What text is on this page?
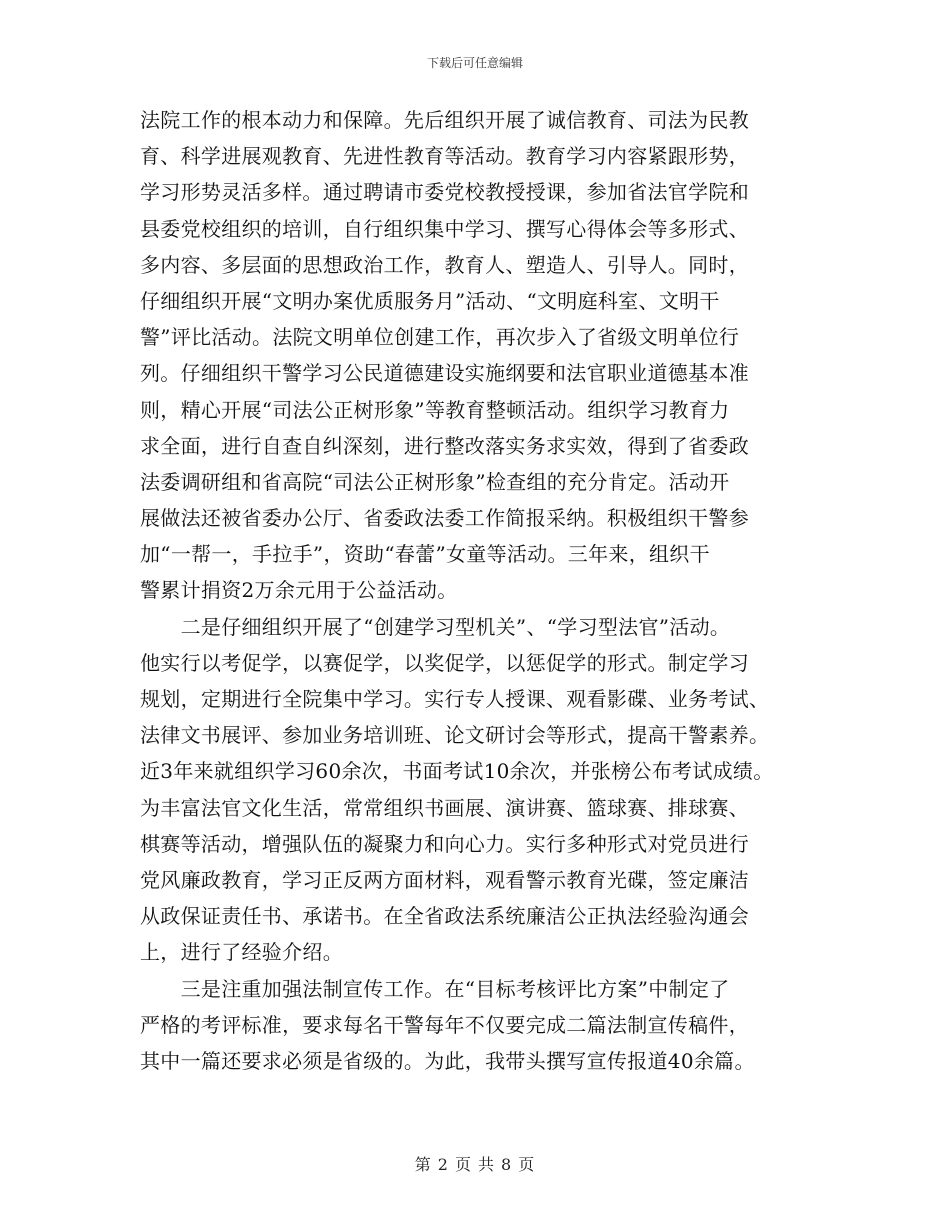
下载后可任意编辑
法院工作的根本动力和保障。先后组织开展了诚信教育、司法为民教
育、科学进展观教育、先进性教育等活动。教育学习内容紧跟形势，
学习形势灵活多样。通过聘请市委党校教授授课，参加省法官学院和
县委党校组织的培训，自行组织集中学习、撰写心得体会等多形式、
多内容、多层面的思想政治工作，教育人、塑造人、引导人。同时，
仔细组织开展“文明办案优质服务月”活动、“文明庭科室、文明干
警”评比活动。法院文明单位创建工作，再次步入了省级文明单位行
列。仔细组织干警学习公民道德建设实施纲要和法官职业道德基本准
则，精心开展“司法公正树形象”等教育整顿活动。组织学习教育力
求全面，进行自查自纠深刻，进行整改落实务求实效，得到了省委政
法委调研组和省高院“司法公正树形象”检查组的充分肯定。活动开
展做法还被省委办公厅、省委政法委工作简报采纳。积极组织干警参
加“一帮一，手拉手”，资助“春蕾”女童等活动。三年来，组织干
警累计捐资2万余元用于公益活动。
　　二是仔细组织开展了“创建学习型机关”、“学习型法官”活动。
他实行以考促学，以赛促学，以奖促学，以惩促学的形式。制定学习
规划，定期进行全院集中学习。实行专人授课、观看影碟、业务考试、
法律文书展评、参加业务培训班、论文研讨会等形式，提高干警素养。
近3年来就组织学习60余次，书面考试10余次，并张榜公布考试成绩。
为丰富法官文化生活，常常组织书画展、演讲赛、篮球赛、排球赛、
棋赛等活动，增强队伍的凝聚力和向心力。实行多种形式对党员进行
党风廉政教育，学习正反两方面材料，观看警示教育光碟，签定廉洁
从政保证责任书、承诺书。在全省政法系统廉洁公正执法经验沟通会
上，进行了经验介绍。
　　三是注重加强法制宣传工作。在“目标考核评比方案”中制定了
严格的考评标准，要求每名干警每年不仅要完成二篇法制宣传稿件，
其中一篇还要求必须是省级的。为此，我带头撰写宣传报道40余篇。
第 2 页 共 8 页
